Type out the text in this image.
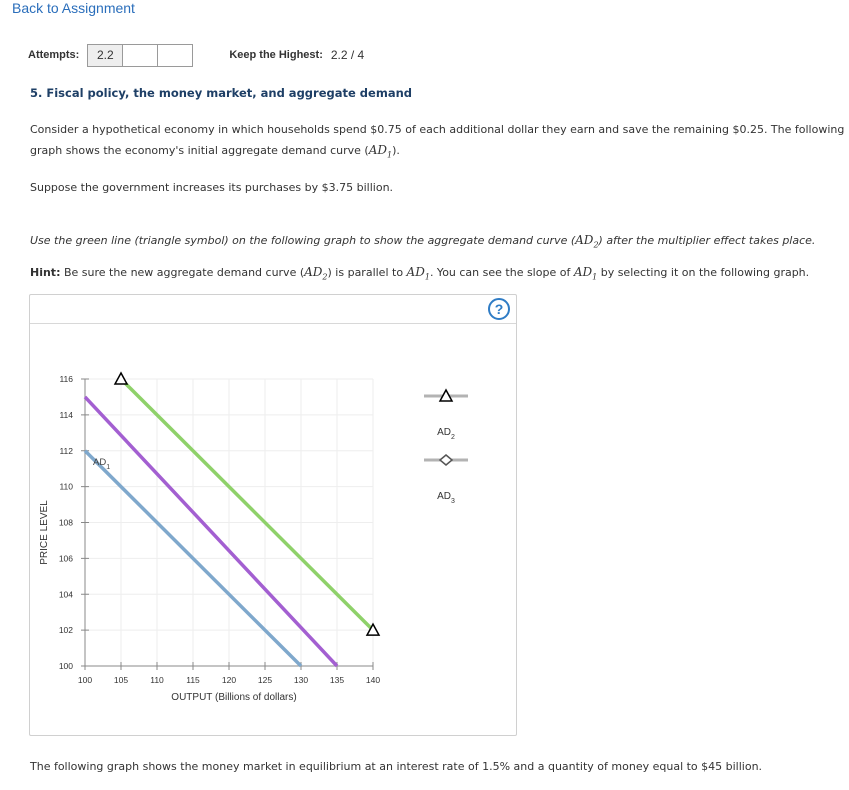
Back to Assignment
Attempts:	2.2	Keep the Highest: 2.2 / 4
5. Fiscal policy, the money market, and aggregate demand

Consider a hypothetical economy in which households spend $0.75 of each additional dollar they earn and save the remaining $0.25. The following
graph shows the economy's initial aggregate demand curve $(AD_1)$.

Suppose the government increases its purchases by $3.75 billion.

Use the green line (triangle symbol) on the following graph to show the aggregate demand curve $(AD_2)$ after the multiplier effect takes place.

Hint: Be sure the new aggregate demand curve $(AD_2)$ is parallel to $AD_1$. You can see the slope of $AD_1$ by selecting it on the following graph.

?
100	105	110	115	120	125	130	135	140
100
102
104
106
108
110
112
114
116
OUTPUT (Billions of dollars)
PRICE LEVEL
$AD_1$
$AD_2$
$AD_3$

The following graph shows the money market in equilibrium at an interest rate of 1.5% and a quantity of money equal to $45 billion.
